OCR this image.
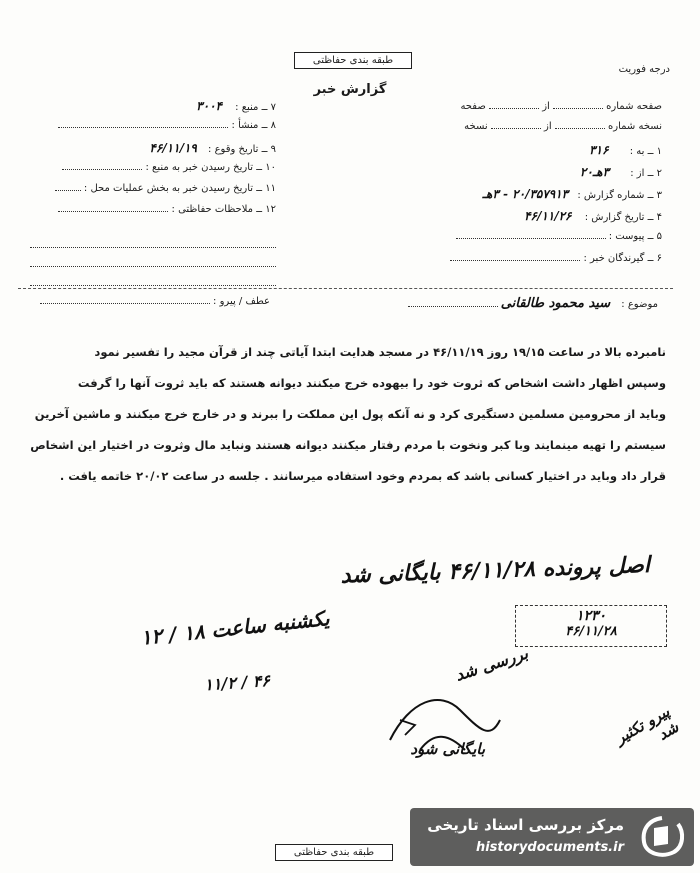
طبقه بندی حفاظتی
درجه فوریت
گزارش خبر
صفحه شماره  از  صفحه
نسخه شماره  از  نسخه
۱ ــ به : ۳۱۶
۲ ــ از : ۳هـ۲۰
۳ ــ شماره گزارش : ۲۰/۳۵۷۹۱۳ - ۳هـ
۴ ــ تاریخ گزارش : ۴۶/۱۱/۲۶
۵ ــ پیوست :
۶ ــ گیرندگان خبر :
۷ ــ منبع : ۳۰۰۴
۸ ــ منشأ :
۹ ــ تاریخ وقوع : ۴۶/۱۱/۱۹
۱۰ ــ تاریخ رسیدن خبر به منبع :
۱۱ ــ تاریخ رسیدن خبر به بخش عملیات محل :
۱۲ ــ ملاحظات حفاظتی :
عطف / پیرو :	موضوع : سید محمود طالقانی
نامبرده بالا در ساعت ۱۹/۱۵ روز ۴۶/۱۱/۱۹ در مسجد هدایت ابتدا آیاتی چند از قرآن مجید را تفسیر نمود
وسپس اظهار داشت اشخاص که ثروت خود را بیهوده خرج میکنند دیوانه هستند که باید ثروت آنها را گرفت
وباید از محرومین مسلمین دستگیری کرد و نه آنکه پول این مملکت را ببرند و در خارج خرج میکنند و ماشین آخرین
سیستم را تهیه مینمایند وبا کبر ونخوت با مردم رفتار میکنند دیوانه هستند ونباید مال وثروت در اختیار این اشخاص
قرار داد وباید در اختیار کسانی باشد که بمردم وخود استفاده میرسانند . جلسه در ساعت ۲۰/۰۲ خاتمه یافت .
اصل پرونده ۴۶/۱۱/۲۸ بایگانی شد
۱۲۳۰
۴۶/۱۱/۲۸
یکشنبه ساعت ۱۸ / ۱۲
۱۱/۲ / ۴۶	بررسی شد
بایگانی شود
پیرو تکثیر شد
طبقه بندی حفاظتی
مرکز بررسی اسناد تاریخی
historydocuments.ir
